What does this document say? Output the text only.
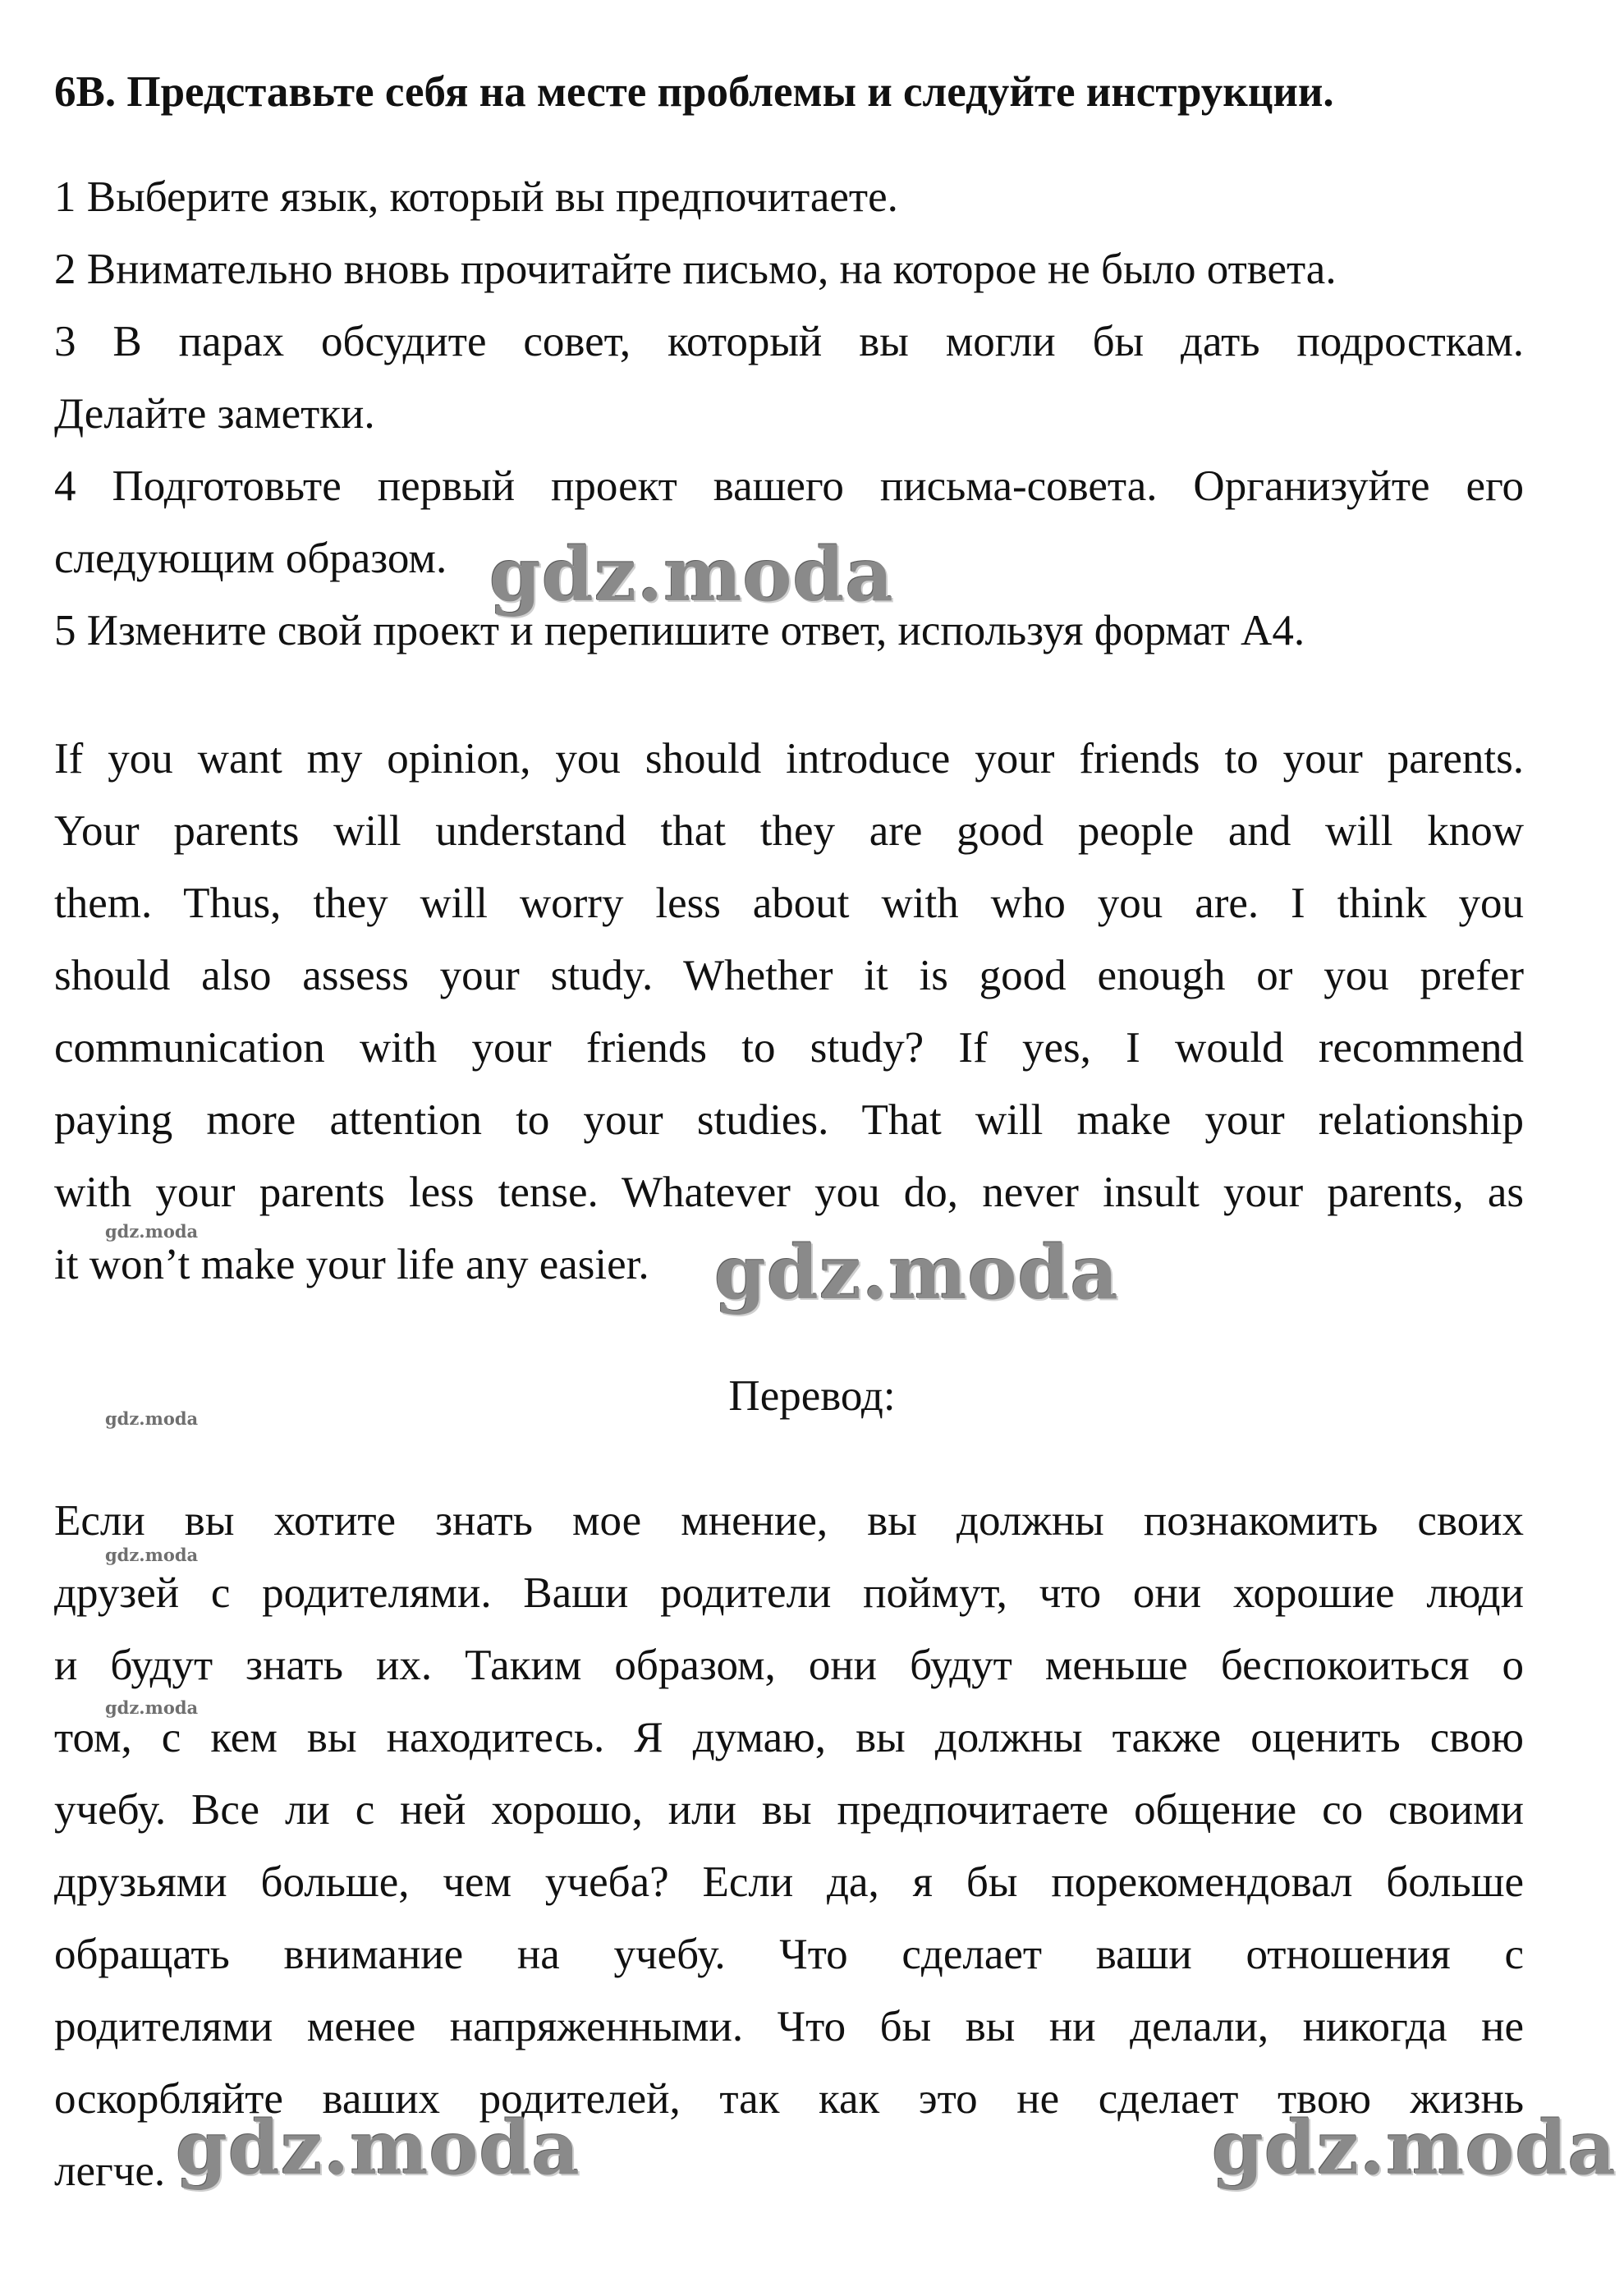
6B. Представьте себя на месте проблемы и следуйте инструкции.
1 Выберите язык, который вы предпочитаете.
2 Внимательно вновь прочитайте письмо, на которое не было ответа.
3 В парах обсудите совет, который вы могли бы дать подросткам.
Делайте заметки.
4 Подготовьте первый проект вашего письма-совета. Организуйте его
следующим образом.
5 Измените свой проект и перепишите ответ, используя формат А4.
If you want my opinion, you should introduce your friends to your parents.
Your parents will understand that they are good people and will know
them. Thus, they will worry less about with who you are. I think you
should also assess your study. Whether it is good enough or you prefer
communication with your friends to study? If yes, I would recommend
paying more attention to your studies. That will make your relationship
with your parents less tense. Whatever you do, never insult your parents, as
it won’t make your life any easier.
Перевод:
Если вы хотите знать мое мнение, вы должны познакомить своих
друзей с родителями. Ваши родители поймут, что они хорошие люди
и будут знать их. Таким образом, они будут меньше беспокоиться о
том, с кем вы находитесь. Я думаю, вы должны также оценить свою
учебу. Все ли с ней хорошо, или вы предпочитаете общение со своими
друзьями больше, чем учеба? Если да, я бы порекомендовал больше
обращать внимание на учебу. Что сделает ваши отношения с
родителями менее напряженными. Что бы вы ни делали, никогда не
оскорбляйте ваших родителей, так как это не сделает твою жизнь
легче.
gdz.moda
gdz.moda
gdz.moda	gdz.moda
gdz.moda
gdz.moda
gdz.moda
gdz.moda
